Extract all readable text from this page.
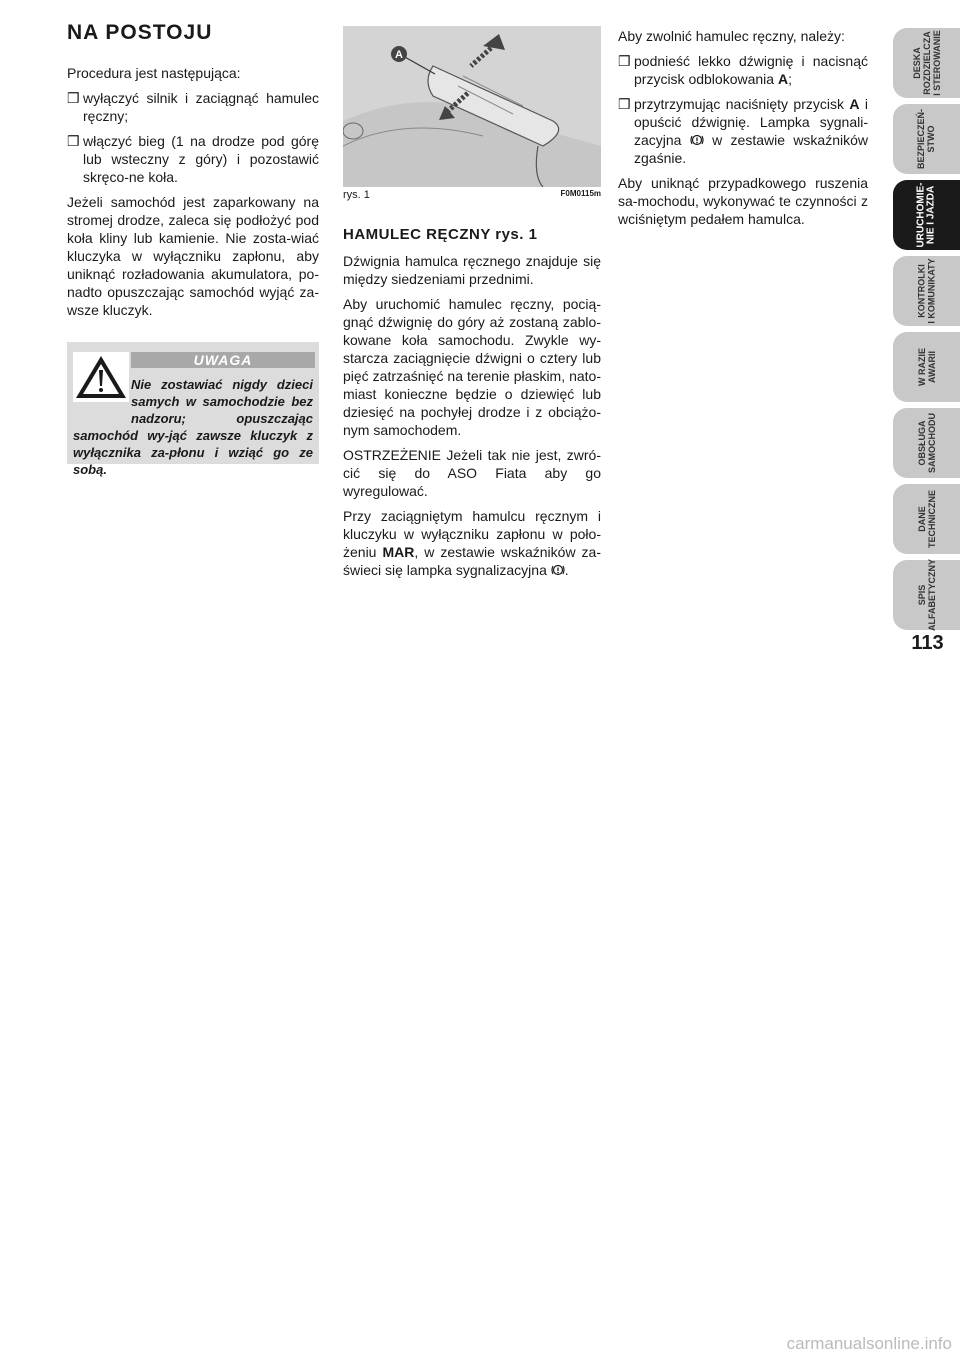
NA POSTOJU

Procedura jest następująca:

❒ wyłączyć silnik i zaciągnąć hamulec ręczny;
❒ włączyć bieg (1 na drodze pod górę lub wsteczny z góry) i pozostawić skręco-ne koła.

Jeżeli samochód jest zaparkowany na stromej drodze, zaleca się podłożyć pod koła kliny lub kamienie. Nie zosta-wiać kluczyka w wyłączniku zapłonu, aby uniknąć rozładowania akumulatora, po-nadto opuszczając samochód wyjąć za-wsze kluczyk.

UWAGA
Nie zostawiać nigdy dzieci samych w samochodzie bez nadzoru; opuszczając samochód wy-jąć zawsze kluczyk z wyłącznika za-płonu i wziąć go ze sobą.
A
rys. 1	F0M0115m
HAMULEC RĘCZNY rys. 1

Dźwignia hamulca ręcznego znajduje się między siedzeniami przednimi.

Aby uruchomić hamulec ręczny, pocią-gnąć dźwignię do góry aż zostaną zablo-kowane koła samochodu. Zwykle wy-starcza zaciągnięcie dźwigni o cztery lub pięć zatrzaśnięć na terenie płaskim, nato-miast konieczne będzie o dziewięć lub dziesięć na pochyłej drodze i z obciążo-nym samochodem.

OSTRZEŻENIE Jeżeli tak nie jest, zwró-cić się do ASO Fiata aby go wyregulować.

Przy zaciągniętym hamulcu ręcznym i kluczyku w wyłączniku zapłonu w poło-żeniu MAR, w zestawie wskaźników za-świeci się lampka sygnalizacyjna .

Aby zwolnić hamulec ręczny, należy:

❒ podnieść lekko dźwignię i nacisnąć przycisk odblokowania A;
❒ przytrzymując naciśnięty przycisk A i opuścić dźwignię. Lampka sygnali-zacyjna  w zestawie wskaźników zgaśnie.

Aby uniknąć przypadkowego ruszenia sa-mochodu, wykonywać te czynności z wciśniętym pedałem hamulca.

DESKA
ROZDZIELCZA
I STEROWANIE
BEZPIECZEŃ-
STWO
URUCHOMIE-
NIE I JAZDA
KONTROLKI
I KOMUNIKATY
W RAZIE
AWARII
OBSŁUGA
SAMOCHODU
DANE
TECHNICZNE
SPIS
ALFABETYCZNY
113
carmanualsonline.info
